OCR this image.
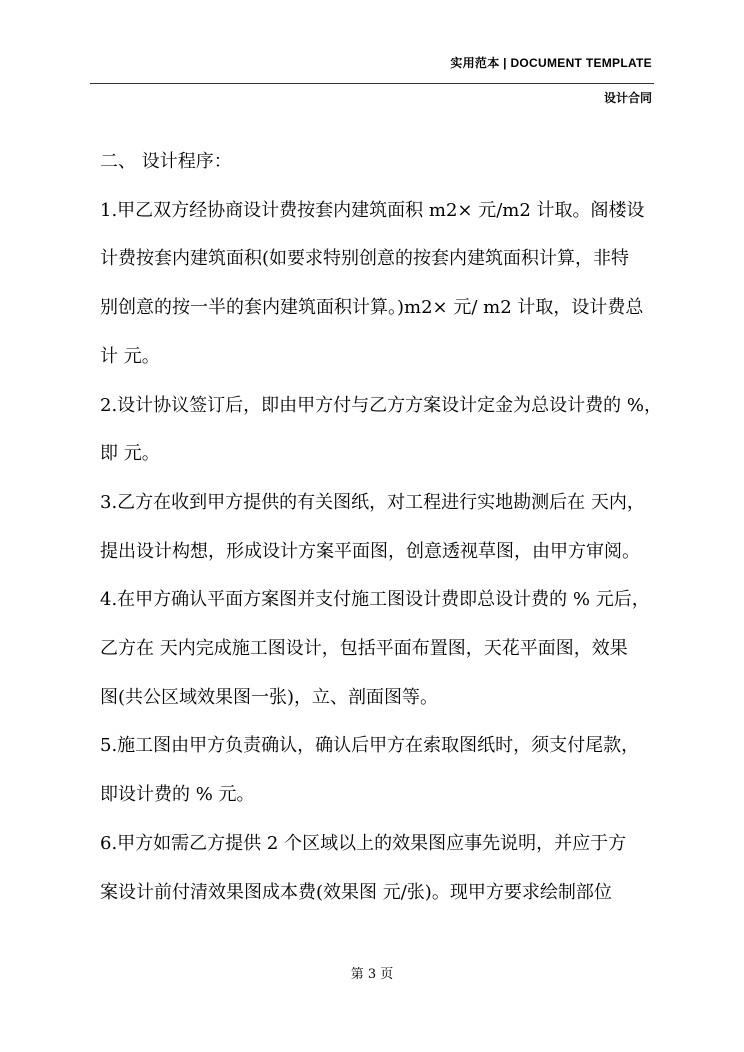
实用范本 | DOCUMENT TEMPLATE
设计合同

二、 设计程序：

1.甲乙双方经协商设计费按套内建筑面积 m2× 元/m2 计取。阁楼设

计费按套内建筑面积(如要求特别创意的按套内建筑面积计算，非特

别创意的按一半的套内建筑面积计算。)m2× 元/ m2 计取，设计费总

计 元。

2.设计协议签订后，即由甲方付与乙方方案设计定金为总设计费的 %，

即 元。

3.乙方在收到甲方提供的有关图纸，对工程进行实地勘测后在 天内，

提出设计构想，形成设计方案平面图，创意透视草图，由甲方审阅。

4.在甲方确认平面方案图并支付施工图设计费即总设计费的 % 元后，

乙方在 天内完成施工图设计，包括平面布置图，天花平面图，效果

图(共公区域效果图一张)，立、剖面图等。

5.施工图由甲方负责确认，确认后甲方在索取图纸时，须支付尾款，

即设计费的 % 元。

6.甲方如需乙方提供 2 个区域以上的效果图应事先说明，并应于方

案设计前付清效果图成本费(效果图 元/张)。现甲方要求绘制部位

第 3 页
